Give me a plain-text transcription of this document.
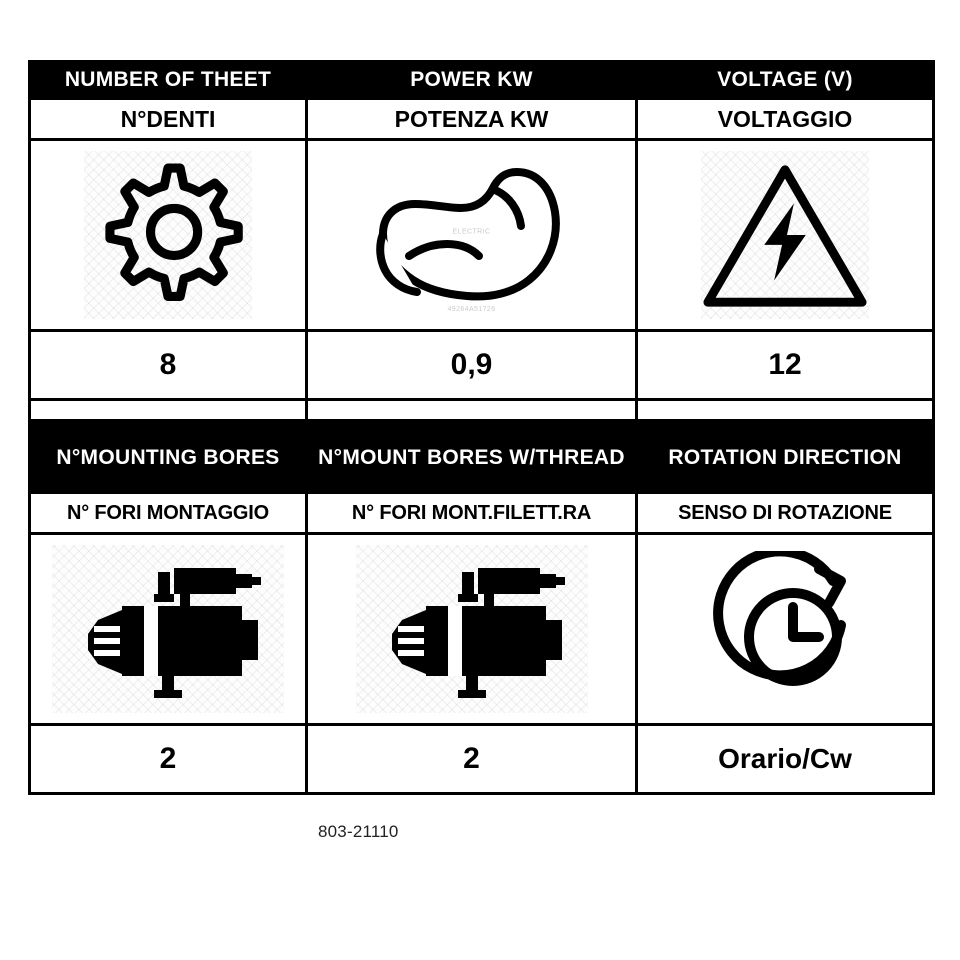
NUMBER OF THEET	POWER KW	VOLTAGE (V)
N°DENTI	POTENZA KW	VOLTAGGIO

ELECTRIC
49264A51726

8	0,9	12

N°MOUNTING BORES	N°MOUNT BORES W/THREAD	ROTATION DIRECTION
N° FORI MONTAGGIO	N° FORI MONT.FILETT.RA	SENSO DI ROTAZIONE

2	2	Orario/Cw
803-21110
